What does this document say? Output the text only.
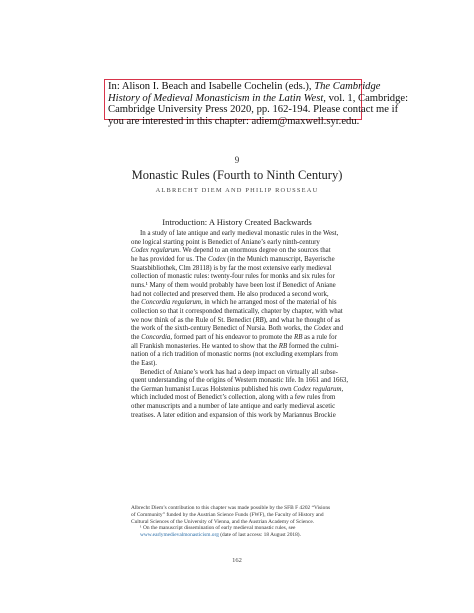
In: Alison I. Beach and Isabelle Cochelin (eds.), The Cambridge
History of Medieval Monasticism in the Latin West, vol. 1, Cambridge:
Cambridge University Press 2020, pp. 162-194. Please contact me if
you are interested in this chapter: adiem@maxwell.syr.edu.
9
Monastic Rules (Fourth to Ninth Century)
ALBRECHT DIEM AND PHILIP ROUSSEAU
Introduction: A History Created Backwards
In a study of late antique and early medieval monastic rules in the West,
one logical starting point is Benedict of Aniane’s early ninth-century
Codex regularum. We depend to an enormous degree on the sources that
he has provided for us. The Codex (in the Munich manuscript, Bayerische
Staatsbibliothek, Clm 28118) is by far the most extensive early medieval
collection of monastic rules: twenty-four rules for monks and six rules for
nuns.¹ Many of them would probably have been lost if Benedict of Aniane
had not collected and preserved them. He also produced a second work,
the Concordia regularum, in which he arranged most of the material of his
collection so that it corresponded thematically, chapter by chapter, with what
we now think of as the Rule of St. Benedict (RB), and what he thought of as
the work of the sixth-century Benedict of Nursia. Both works, the Codex and
the Concordia, formed part of his endeavor to promote the RB as a rule for
all Frankish monasteries. He wanted to show that the RB formed the culmi-
nation of a rich tradition of monastic norms (not excluding exemplars from
the East).
Benedict of Aniane’s work has had a deep impact on virtually all subse-
quent understanding of the origins of Western monastic life. In 1661 and 1663,
the German humanist Lucas Holstenius published his own Codex regularum,
which included most of Benedict’s collection, along with a few rules from
other manuscripts and a number of late antique and early medieval ascetic
treatises. A later edition and expansion of this work by Mariannus Brockie
Albrecht Diem’s contribution to this chapter was made possible by the SFB F 4202 “Visions
of Community” funded by the Austrian Science Funds (FWF), the Faculty of History and
Cultural Sciences of the University of Vienna, and the Austrian Academy of Science.
¹ On the manuscript dissemination of early medieval monastic rules, see
www.earlymedievalmonasticism.org (date of last access: 18 August 2018).
162
